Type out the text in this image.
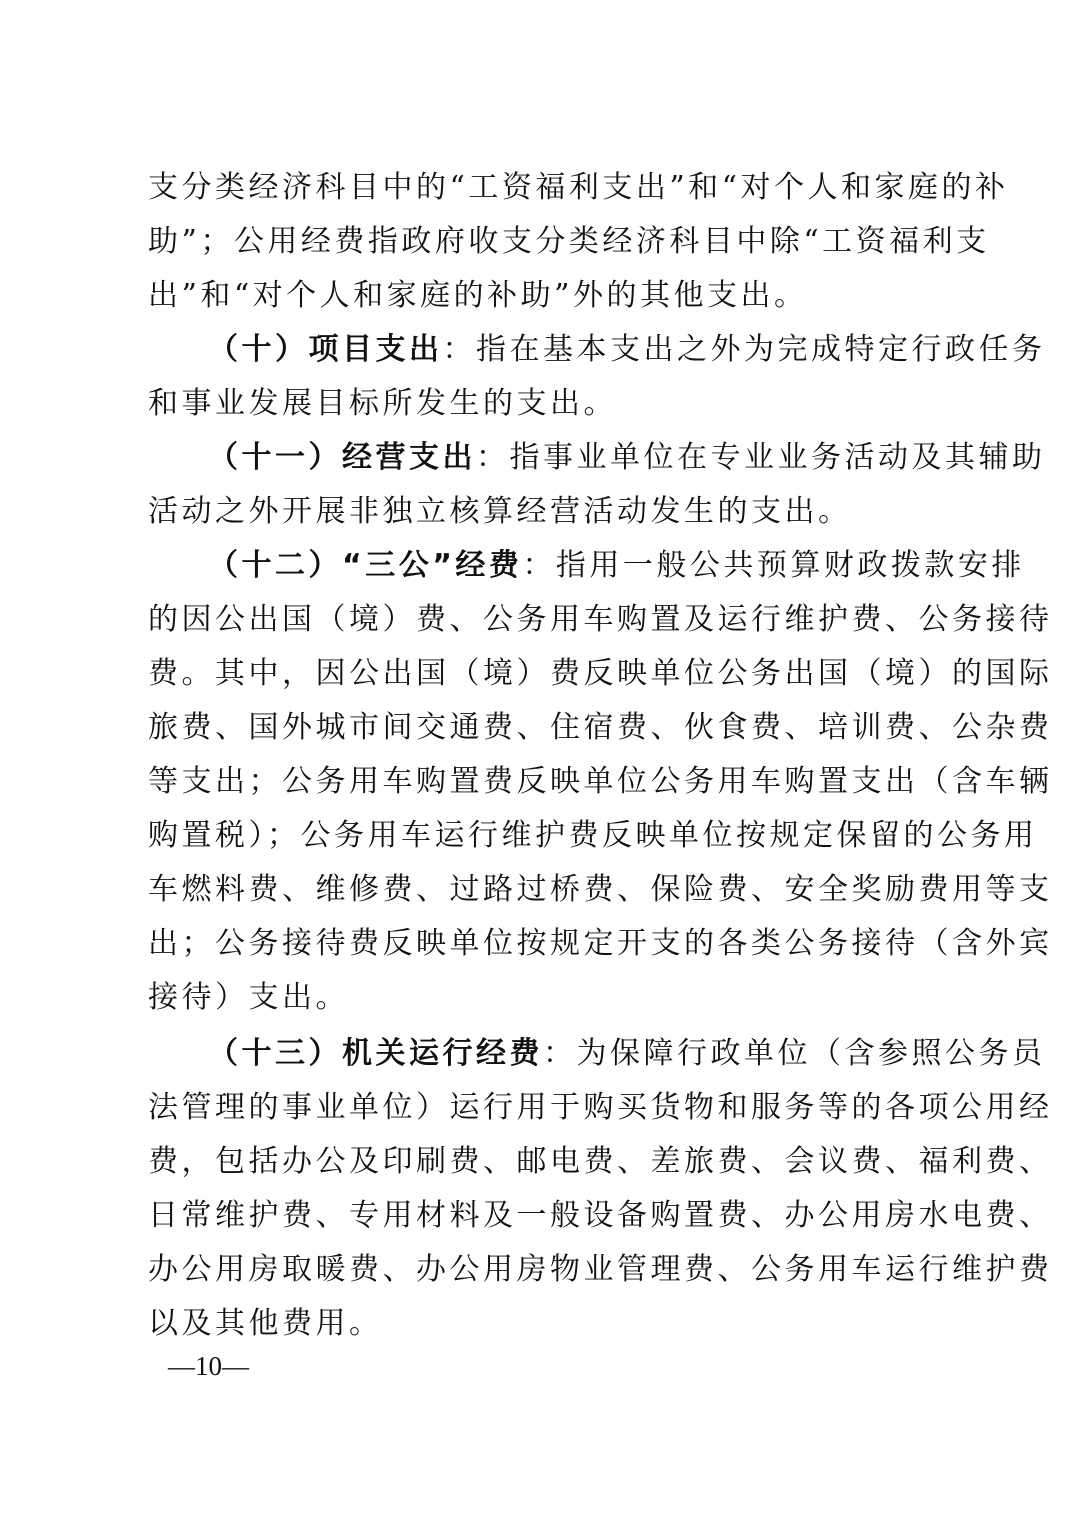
支分类经济科目中的“工资福利支出”和“对个人和家庭的补
助”；公用经费指政府收支分类经济科目中除“工资福利支
出”和“对个人和家庭的补助”外的其他支出。
（十）项目支出：指在基本支出之外为完成特定行政任务
和事业发展目标所发生的支出。
（十一）经营支出：指事业单位在专业业务活动及其辅助
活动之外开展非独立核算经营活动发生的支出。
（十二）“三公”经费：指用一般公共预算财政拨款安排
的因公出国（境）费、公务用车购置及运行维护费、公务接待
费。其中，因公出国（境）费反映单位公务出国（境）的国际
旅费、国外城市间交通费、住宿费、伙食费、培训费、公杂费
等支出；公务用车购置费反映单位公务用车购置支出（含车辆
购置税）；公务用车运行维护费反映单位按规定保留的公务用
车燃料费、维修费、过路过桥费、保险费、安全奖励费用等支
出；公务接待费反映单位按规定开支的各类公务接待（含外宾
接待）支出。
（十三）机关运行经费：为保障行政单位（含参照公务员
法管理的事业单位）运行用于购买货物和服务等的各项公用经
费，包括办公及印刷费、邮电费、差旅费、会议费、福利费、
日常维护费、专用材料及一般设备购置费、办公用房水电费、
办公用房取暖费、办公用房物业管理费、公务用车运行维护费
以及其他费用。
—10—
